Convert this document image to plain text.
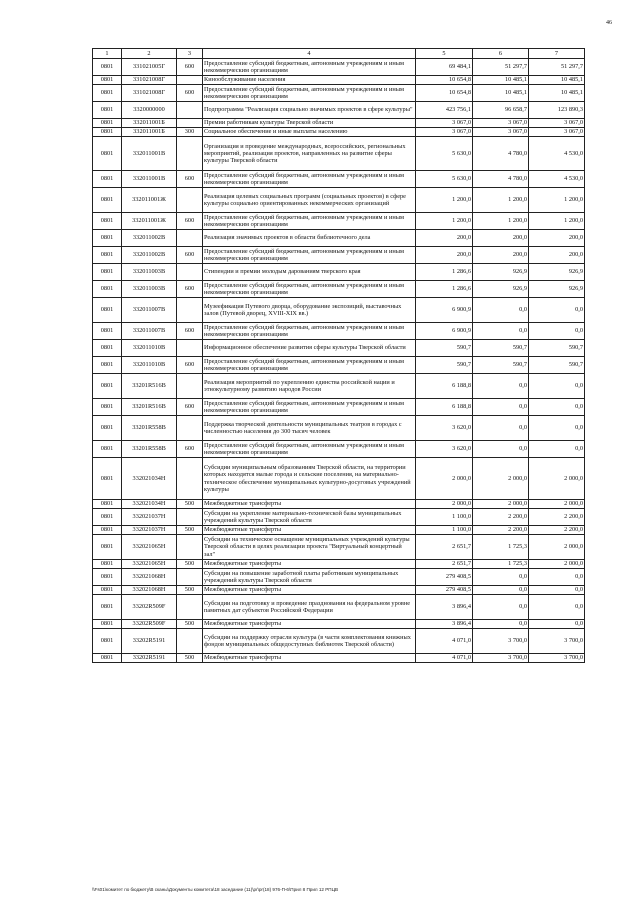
46
1	2	3	4	5	6	7
0801	331021005Г	600	Предоставление субсидий бюджетным, автономным учреждениям и иным некоммерческим организациям	69 484,1	51 297,7	51 297,7
0801	331021008Г		Кинообслуживание населения	10 654,8	10 485,1	10 485,1
0801	331021008Г	600	Предоставление субсидий бюджетным, автономным учреждениям и иным некоммерческим организациям	10 654,8	10 485,1	10 485,1
0801	3320000000		Подпрограмма "Реализация социально значимых проектов в сфере культуры"	423 756,1	96 658,7	123 890,3
0801	332011001Б		Премии работникам культуры Тверской области	3 067,0	3 067,0	3 067,0
0801	332011001Б	300	Социальное обеспечение и иные выплаты населению	3 067,0	3 067,0	3 067,0
0801	332011001В		Организация и проведение международных, всероссийских, региональных мероприятий, реализация проектов, направленных на развитие сферы культуры Тверской области	5 630,0	4 780,0	4 530,0
0801	332011001В	600	Предоставление субсидий бюджетным, автономным учреждениям и иным некоммерческим организациям	5 630,0	4 780,0	4 530,0
0801	332011001Ж		Реализация целевых социальных программ (социальных проектов) в сфере культуры социально ориентированных некоммерческих организаций	1 200,0	1 200,0	1 200,0
0801	332011001Ж	600	Предоставление субсидий бюджетным, автономным учреждениям и иным некоммерческим организациям	1 200,0	1 200,0	1 200,0
0801	332011002В		Реализация значимых проектов в области библиотечного дела	200,0	200,0	200,0
0801	332011002В	600	Предоставление субсидий бюджетным, автономным учреждениям и иным некоммерческим организациям	200,0	200,0	200,0
0801	332011003В		Стипендии и премии молодым дарованиям тверского края	1 286,6	926,9	926,9
0801	332011003В	600	Предоставление субсидий бюджетным, автономным учреждениям и иным некоммерческим организациям	1 286,6	926,9	926,9
0801	332011007В		Музеефикация Путевого дворца, оборудование экспозиций, выставочных залов (Путевой дворец, XVIII-XIX вв.)	6 900,9	0,0	0,0
0801	332011007В	600	Предоставление субсидий бюджетным, автономным учреждениям и иным некоммерческим организациям	6 900,9	0,0	0,0
0801	332011010В		Информационное обеспечение развития сферы культуры Тверской области	590,7	590,7	590,7
0801	332011010В	600	Предоставление субсидий бюджетным, автономным учреждениям и иным некоммерческим организациям	590,7	590,7	590,7
0801	33201R516В		Реализация мероприятий по укреплению единства российской нации и этнокультурному развитию народов России	6 188,8	0,0	0,0
0801	33201R516В	600	Предоставление субсидий бюджетным, автономным учреждениям и иным некоммерческим организациям	6 188,8	0,0	0,0
0801	33201R558В		Поддержка творческой деятельности муниципальных театров в городах с численностью населения до 300 тысяч человек	3 620,0	0,0	0,0
0801	33201R558В	600	Предоставление субсидий бюджетным, автономным учреждениям и иным некоммерческим организациям	3 620,0	0,0	0,0
0801	332021034Н		Субсидии муниципальным образованиям Тверской области, на территории которых находятся малые города и сельские поселения, на материально-техническое обеспечение муниципальных культурно-досуговых учреждений культуры	2 000,0	2 000,0	2 000,0
0801	332021034Н	500	Межбюджетные трансферты	2 000,0	2 000,0	2 000,0
0801	332021037Н		Субсидии на укрепление материально-технической базы муниципальных учреждений культуры Тверской области	1 100,0	2 200,0	2 200,0
0801	332021037Н	500	Межбюджетные трансферты	1 100,0	2 200,0	2 200,0
0801	332021065Н		Субсидии на техническое оснащение муниципальных учреждений культуры Тверской области в целях реализации проекта "Виртуальный концертный зал"	2 651,7	1 725,3	2 000,0
0801	332021065Н	500	Межбюджетные трансферты	2 651,7	1 725,3	2 000,0
0801	332021068Н		Субсидии на повышение заработной платы работникам муниципальных учреждений культуры Тверской области	279 408,5	0,0	0,0
0801	332021068Н	500	Межбюджетные трансферты	279 408,5	0,0	0,0
0801	33202R509F		Субсидии на подготовку и проведение празднования на федеральном уровне памятных дат субъектов Российской Федерации	3 896,4	0,0	0,0
0801	33202R509F	500	Межбюджетные трансферты	3 896,4	0,0	0,0
0801	33202R5191		Субсидии на поддержку отрасли культура (в части комплектования книжных фондов муниципальных общедоступных библиотек Тверской области)	4 071,0	3 700,0	3 700,0
0801	33202R5191	500	Межбюджетные трансферты	4 071,0	3 700,0	3 700,0
\\Fs01\комитет по бюджету\В сканы\Документы комитета\18 заседание (11)\pr\pr(18) 976-П-6\Прил 8 Прил 12 РПЦВ
